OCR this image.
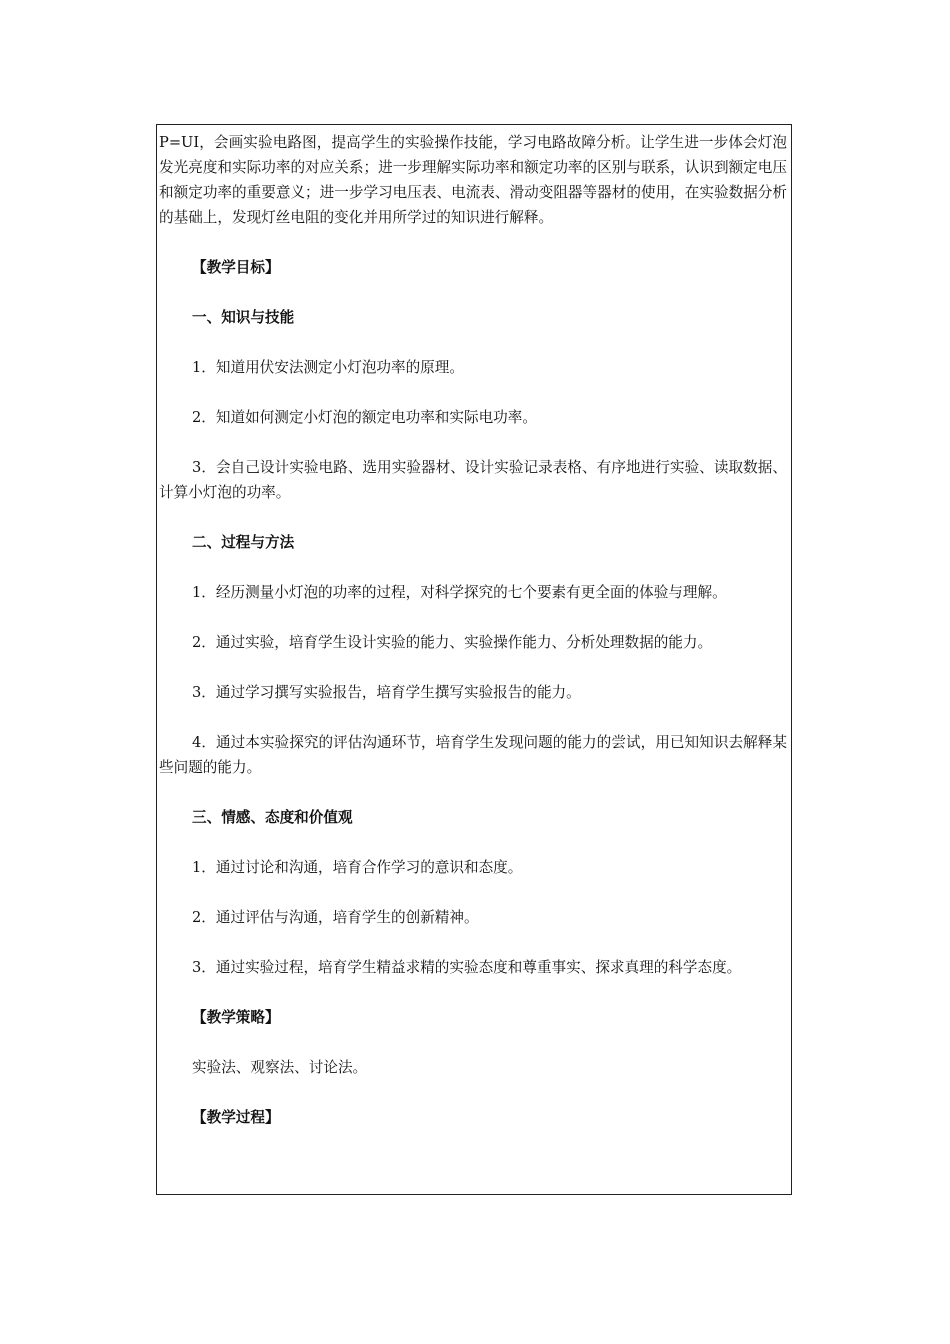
P=UI，会画实验电路图，提高学生的实验操作技能，学习电路故障分析。让学生进一步体会灯泡发光亮度和实际功率的对应关系；进一步理解实际功率和额定功率的区别与联系，认识到额定电压和额定功率的重要意义；进一步学习电压表、电流表、滑动变阻器等器材的使用，在实验数据分析的基础上，发现灯丝电阻的变化并用所学过的知识进行解释。

【教学目标】

一、知识与技能

1．知道用伏安法测定小灯泡功率的原理。

2．知道如何测定小灯泡的额定电功率和实际电功率。

3．会自己设计实验电路、选用实验器材、设计实验记录表格、有序地进行实验、读取数据、计算小灯泡的功率。

二、过程与方法

1．经历测量小灯泡的功率的过程，对科学探究的七个要素有更全面的体验与理解。

2．通过实验，培育学生设计实验的能力、实验操作能力、分析处理数据的能力。

3．通过学习撰写实验报告，培育学生撰写实验报告的能力。

4．通过本实验探究的评估沟通环节，培育学生发现问题的能力的尝试，用已知知识去解释某些问题的能力。

三、情感、态度和价值观

1．通过讨论和沟通，培育合作学习的意识和态度。

2．通过评估与沟通，培育学生的创新精神。

3．通过实验过程，培育学生精益求精的实验态度和尊重事实、探求真理的科学态度。

【教学策略】

实验法、观察法、讨论法。

【教学过程】
